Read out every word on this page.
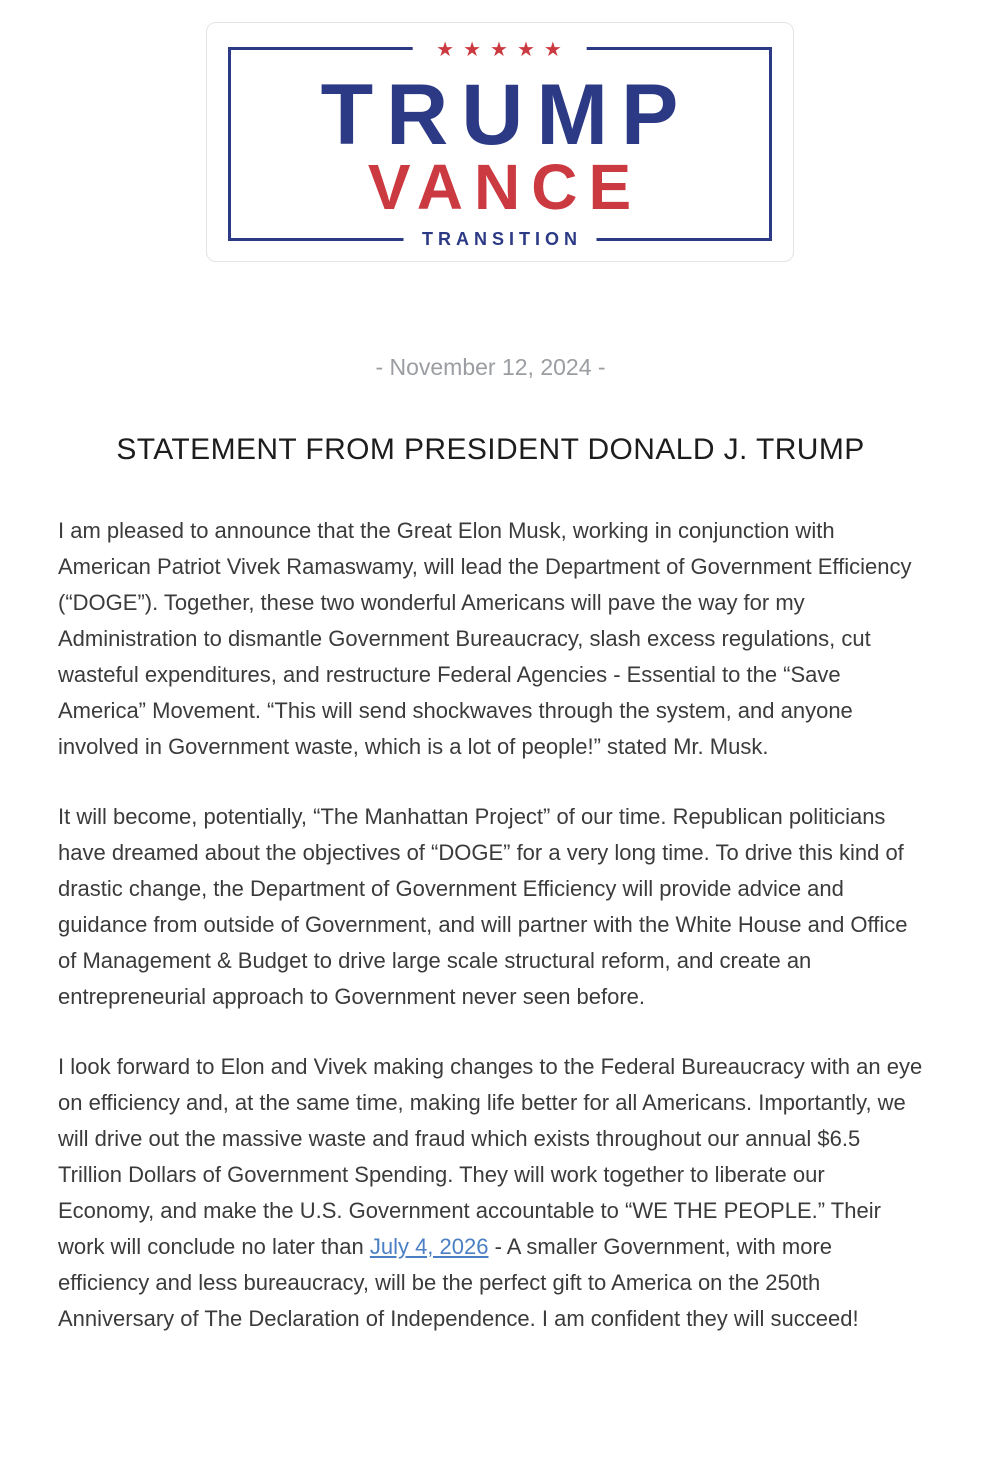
★★★★★
TRUMP
VANCE
TRANSITION
- November 12, 2024 -
STATEMENT FROM PRESIDENT DONALD J. TRUMP

I am pleased to announce that the Great Elon Musk, working in conjunction with American Patriot Vivek Ramaswamy, will lead the Department of Government Efficiency (“DOGE”). Together, these two wonderful Americans will pave the way for my Administration to dismantle Government Bureaucracy, slash excess regulations, cut wasteful expenditures, and restructure Federal Agencies - Essential to the “Save America” Movement. “This will send shockwaves through the system, and anyone involved in Government waste, which is a lot of people!” stated Mr. Musk.

It will become, potentially, “The Manhattan Project” of our time. Republican politicians have dreamed about the objectives of “DOGE” for a very long time. To drive this kind of drastic change, the Department of Government Efficiency will provide advice and guidance from outside of Government, and will partner with the White House and Office of Management & Budget to drive large scale structural reform, and create an entrepreneurial approach to Government never seen before.

I look forward to Elon and Vivek making changes to the Federal Bureaucracy with an eye on efficiency and, at the same time, making life better for all Americans. Importantly, we will drive out the massive waste and fraud which exists throughout our annual $6.5 Trillion Dollars of Government Spending. They will work together to liberate our Economy, and make the U.S. Government accountable to “WE THE PEOPLE.” Their work will conclude no later than July 4, 2026 - A smaller Government, with more efficiency and less bureaucracy, will be the perfect gift to America on the 250th Anniversary of The Declaration of Independence. I am confident they will succeed!
